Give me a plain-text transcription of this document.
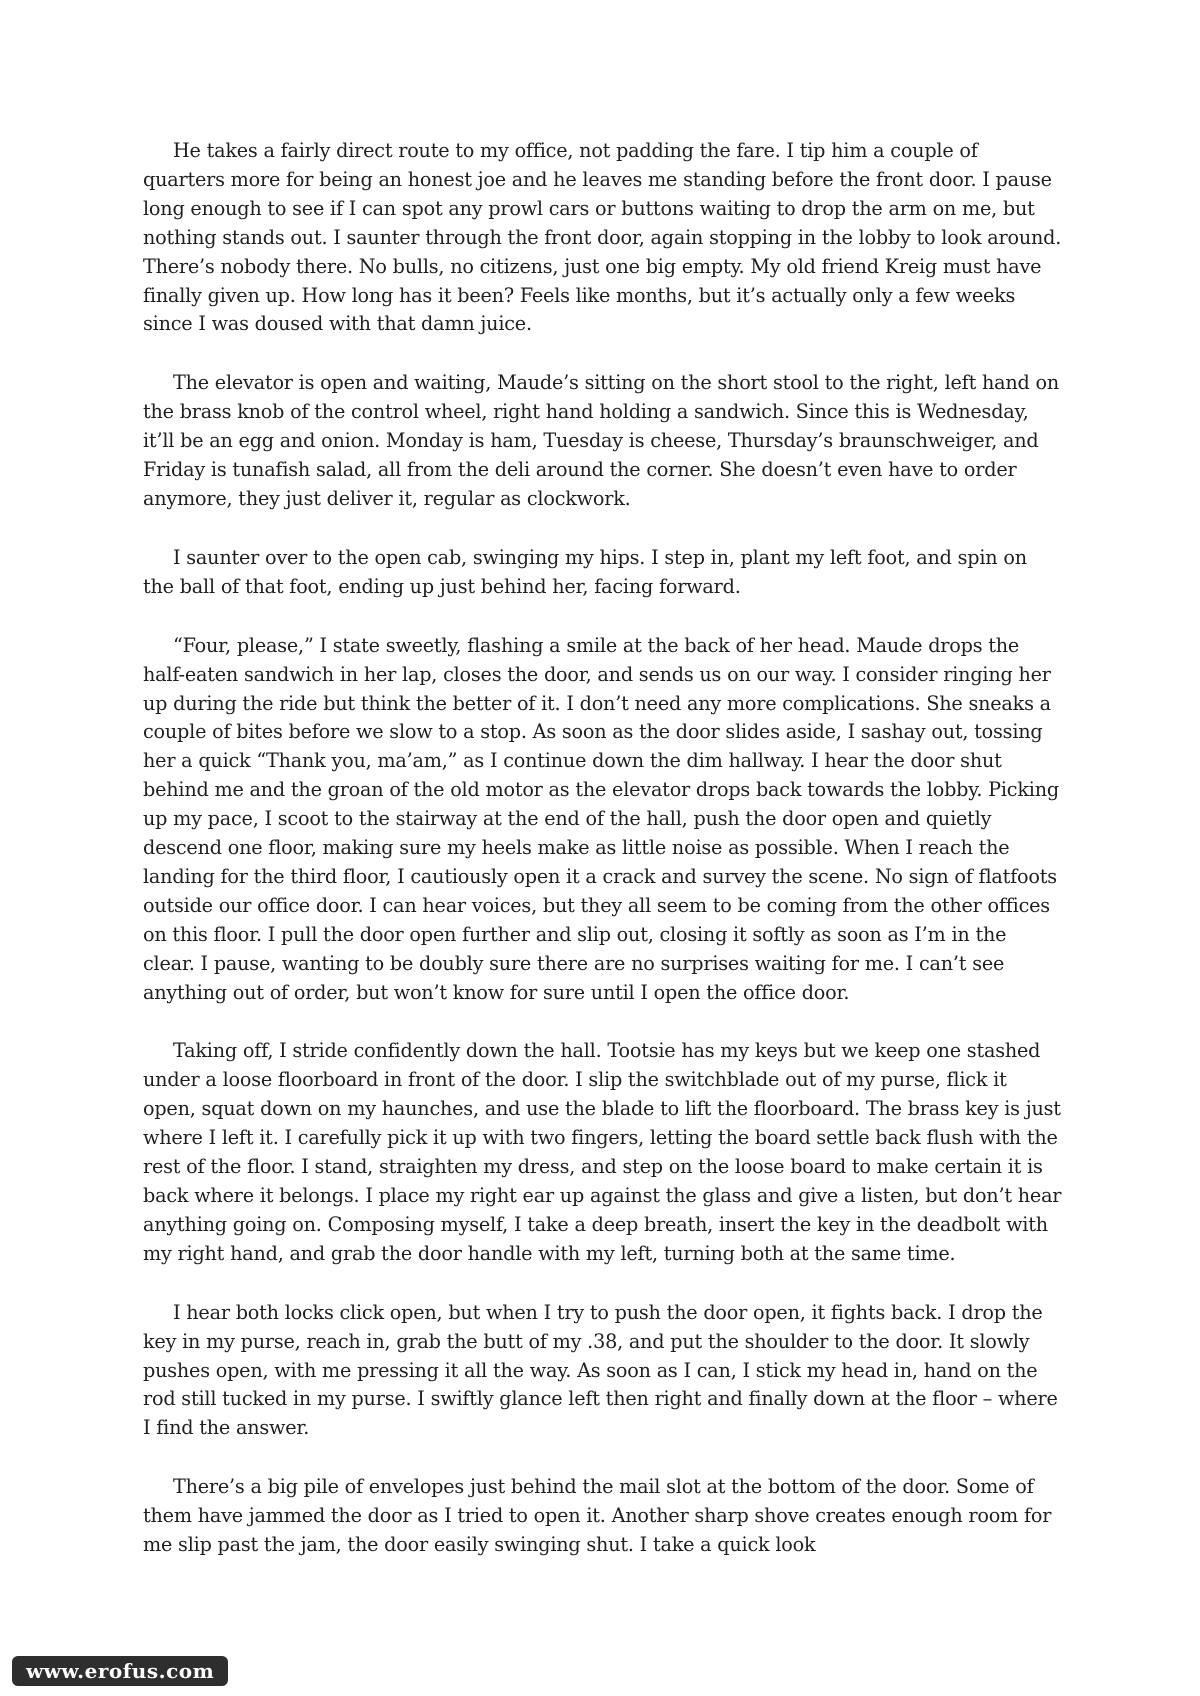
He takes a fairly direct route to my office, not padding the fare. I tip him a couple of quarters more for being an honest joe and he leaves me standing before the front door. I pause long enough to see if I can spot any prowl cars or buttons waiting to drop the arm on me, but nothing stands out. I saunter through the front door, again stopping in the lobby to look around. There’s nobody there. No bulls, no citizens, just one big empty. My old friend Kreig must have finally given up. How long has it been? Feels like months, but it’s actually only a few weeks since I was doused with that damn juice.

The elevator is open and waiting, Maude’s sitting on the short stool to the right, left hand on the brass knob of the control wheel, right hand holding a sandwich. Since this is Wednesday, it’ll be an egg and onion. Monday is ham, Tuesday is cheese, Thursday’s braunschweiger, and Friday is tunafish salad, all from the deli around the corner. She doesn’t even have to order anymore, they just deliver it, regular as clockwork.

I saunter over to the open cab, swinging my hips. I step in, plant my left foot, and spin on the ball of that foot, ending up just behind her, facing forward.

“Four, please,” I state sweetly, flashing a smile at the back of her head. Maude drops the half-eaten sandwich in her lap, closes the door, and sends us on our way. I consider ringing her up during the ride but think the better of it. I don’t need any more complications. She sneaks a couple of bites before we slow to a stop. As soon as the door slides aside, I sashay out, tossing her a quick “Thank you, ma’am,” as I continue down the dim hallway. I hear the door shut behind me and the groan of the old motor as the elevator drops back towards the lobby. Picking up my pace, I scoot to the stairway at the end of the hall, push the door open and quietly descend one floor, making sure my heels make as little noise as possible. When I reach the landing for the third floor, I cautiously open it a crack and survey the scene. No sign of flatfoots outside our office door. I can hear voices, but they all seem to be coming from the other offices on this floor. I pull the door open further and slip out, closing it softly as soon as I’m in the clear. I pause, wanting to be doubly sure there are no surprises waiting for me. I can’t see anything out of order, but won’t know for sure until I open the office door.

Taking off, I stride confidently down the hall. Tootsie has my keys but we keep one stashed under a loose floorboard in front of the door. I slip the switchblade out of my purse, flick it open, squat down on my haunches, and use the blade to lift the floorboard. The brass key is just where I left it. I carefully pick it up with two fingers, letting the board settle back flush with the rest of the floor. I stand, straighten my dress, and step on the loose board to make certain it is back where it belongs. I place my right ear up against the glass and give a listen, but don’t hear anything going on. Composing myself, I take a deep breath, insert the key in the deadbolt with my right hand, and grab the door handle with my left, turning both at the same time.

I hear both locks click open, but when I try to push the door open, it fights back. I drop the key in my purse, reach in, grab the butt of my .38, and put the shoulder to the door. It slowly pushes open, with me pressing it all the way. As soon as I can, I stick my head in, hand on the rod still tucked in my purse. I swiftly glance left then right and finally down at the floor – where I find the answer.

There’s a big pile of envelopes just behind the mail slot at the bottom of the door. Some of them have jammed the door as I tried to open it. Another sharp shove creates enough room for me slip past the jam, the door easily swinging shut. I take a quick look

www.erofus.com
